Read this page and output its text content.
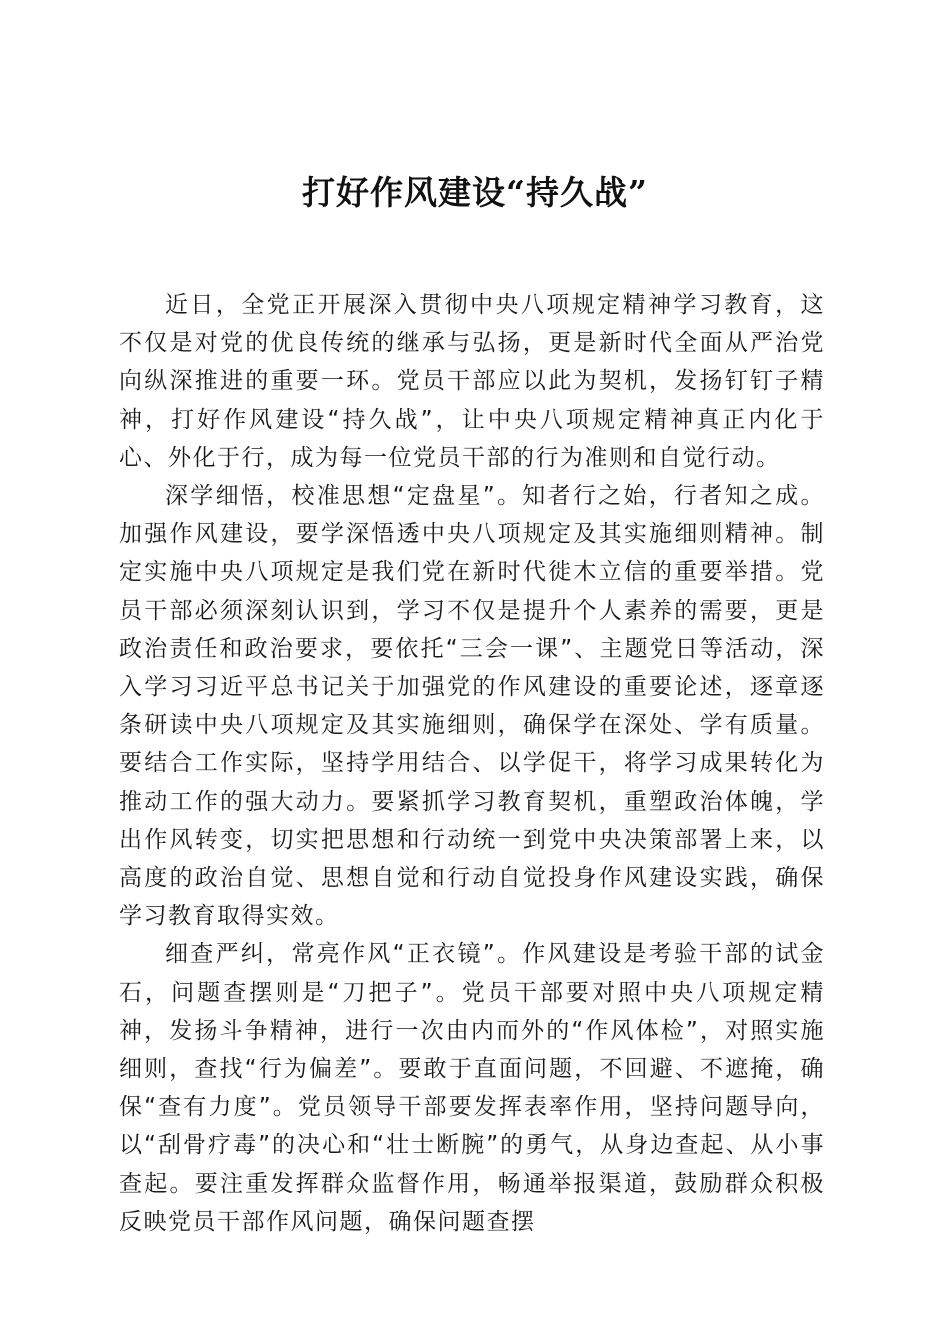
打好作风建设“持久战”

近日，全党正开展深入贯彻中央八项规定精神学习教育，这不仅是对党的优良传统的继承与弘扬，更是新时代全面从严治党向纵深推进的重要一环。党员干部应以此为契机，发扬钉钉子精神，打好作风建设“持久战”，让中央八项规定精神真正内化于心、外化于行，成为每一位党员干部的行为准则和自觉行动。

深学细悟，校准思想“定盘星”。知者行之始，行者知之成。加强作风建设，要学深悟透中央八项规定及其实施细则精神。制定实施中央八项规定是我们党在新时代徙木立信的重要举措。党员干部必须深刻认识到，学习不仅是提升个人素养的需要，更是政治责任和政治要求，要依托“三会一课”、主题党日等活动，深入学习习近平总书记关于加强党的作风建设的重要论述，逐章逐条研读中央八项规定及其实施细则，确保学在深处、学有质量。要结合工作实际，坚持学用结合、以学促干，将学习成果转化为推动工作的强大动力。要紧抓学习教育契机，重塑政治体魄，学出作风转变，切实把思想和行动统一到党中央决策部署上来，以高度的政治自觉、思想自觉和行动自觉投身作风建设实践，确保学习教育取得实效。

细查严纠，常亮作风“正衣镜”。作风建设是考验干部的试金石，问题查摆则是“刀把子”。党员干部要对照中央八项规定精神，发扬斗争精神，进行一次由内而外的“作风体检”，对照实施细则，查找“行为偏差”。要敢于直面问题，不回避、不遮掩，确保“查有力度”。党员领导干部要发挥表率作用，坚持问题导向，以“刮骨疗毒”的决心和“壮士断腕”的勇气，从身边查起、从小事查起。要注重发挥群众监督作用，畅通举报渠道，鼓励群众积极反映党员干部作风问题，确保问题查摆
